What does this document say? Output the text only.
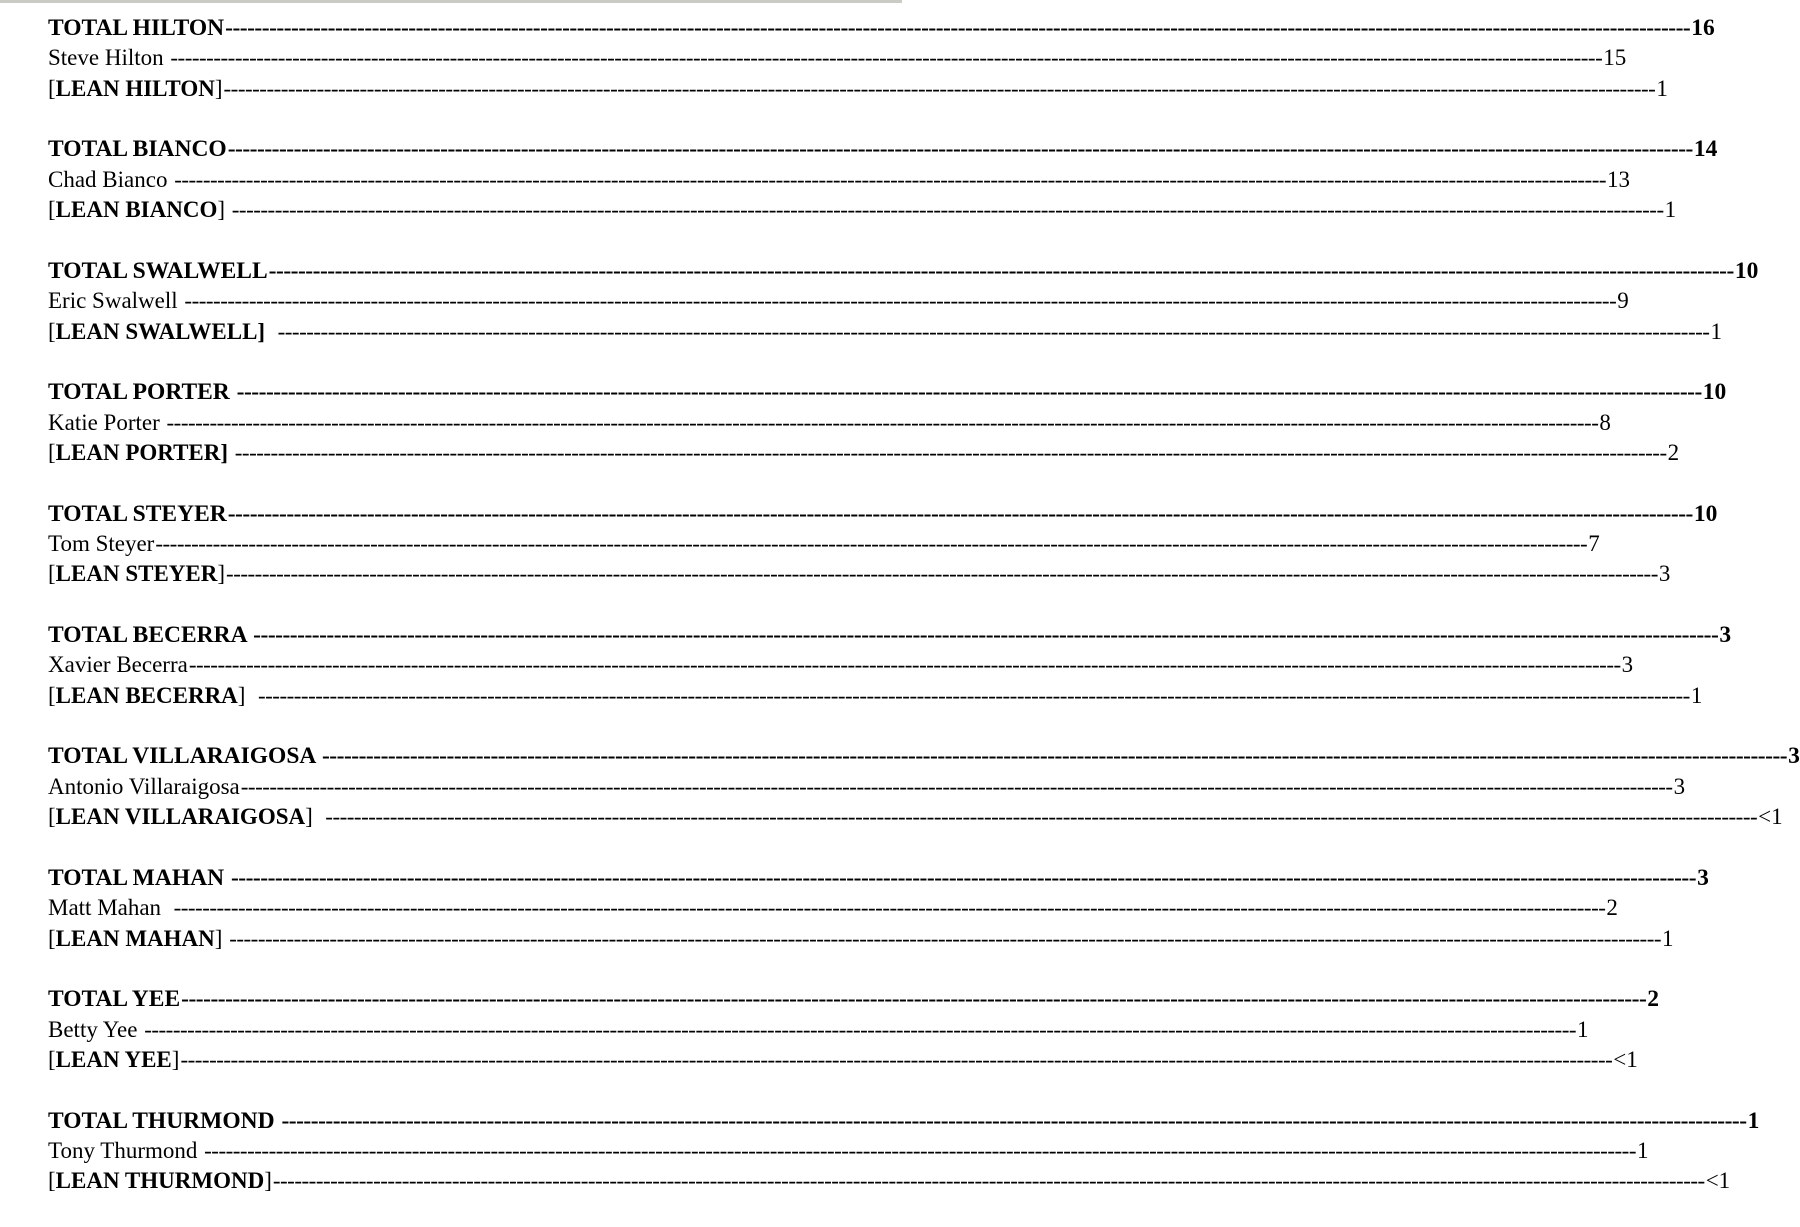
TOTAL HILTON -------------------------------------------------------------------------------------------------------------------------------------------------------------------------------------------------------- 16
Steve Hilton -------------------------------------------------------------------------------------------------------------------------------------------------------------------------------------------------------- 15
[LEAN HILTON] -------------------------------------------------------------------------------------------------------------------------------------------------------------------------------------------------------- 1
TOTAL BIANCO -------------------------------------------------------------------------------------------------------------------------------------------------------------------------------------------------------- 14
Chad Bianco -------------------------------------------------------------------------------------------------------------------------------------------------------------------------------------------------------- 13
[LEAN BIANCO] -------------------------------------------------------------------------------------------------------------------------------------------------------------------------------------------------------- 1
TOTAL SWALWELL -------------------------------------------------------------------------------------------------------------------------------------------------------------------------------------------------------- 10
Eric Swalwell -------------------------------------------------------------------------------------------------------------------------------------------------------------------------------------------------------- 9
[LEAN SWALWELL] -------------------------------------------------------------------------------------------------------------------------------------------------------------------------------------------------------- 1
TOTAL PORTER -------------------------------------------------------------------------------------------------------------------------------------------------------------------------------------------------------- 10
Katie Porter -------------------------------------------------------------------------------------------------------------------------------------------------------------------------------------------------------- 8
[LEAN PORTER] -------------------------------------------------------------------------------------------------------------------------------------------------------------------------------------------------------- 2
TOTAL STEYER -------------------------------------------------------------------------------------------------------------------------------------------------------------------------------------------------------- 10
Tom Steyer -------------------------------------------------------------------------------------------------------------------------------------------------------------------------------------------------------- 7
[LEAN STEYER] -------------------------------------------------------------------------------------------------------------------------------------------------------------------------------------------------------- 3
TOTAL BECERRA -------------------------------------------------------------------------------------------------------------------------------------------------------------------------------------------------------- 3
Xavier Becerra -------------------------------------------------------------------------------------------------------------------------------------------------------------------------------------------------------- 3
[LEAN BECERRA] -------------------------------------------------------------------------------------------------------------------------------------------------------------------------------------------------------- 1
TOTAL VILLARAIGOSA -------------------------------------------------------------------------------------------------------------------------------------------------------------------------------------------------------- 3
Antonio Villaraigosa -------------------------------------------------------------------------------------------------------------------------------------------------------------------------------------------------------- 3
[LEAN VILLARAIGOSA] -------------------------------------------------------------------------------------------------------------------------------------------------------------------------------------------------------- <1
TOTAL MAHAN -------------------------------------------------------------------------------------------------------------------------------------------------------------------------------------------------------- 3
Matt Mahan -------------------------------------------------------------------------------------------------------------------------------------------------------------------------------------------------------- 2
[LEAN MAHAN] -------------------------------------------------------------------------------------------------------------------------------------------------------------------------------------------------------- 1
TOTAL YEE -------------------------------------------------------------------------------------------------------------------------------------------------------------------------------------------------------- 2
Betty Yee -------------------------------------------------------------------------------------------------------------------------------------------------------------------------------------------------------- 1
[LEAN YEE] -------------------------------------------------------------------------------------------------------------------------------------------------------------------------------------------------------- <1
TOTAL THURMOND -------------------------------------------------------------------------------------------------------------------------------------------------------------------------------------------------------- 1
Tony Thurmond -------------------------------------------------------------------------------------------------------------------------------------------------------------------------------------------------------- 1
[LEAN THURMOND] -------------------------------------------------------------------------------------------------------------------------------------------------------------------------------------------------------- <1
